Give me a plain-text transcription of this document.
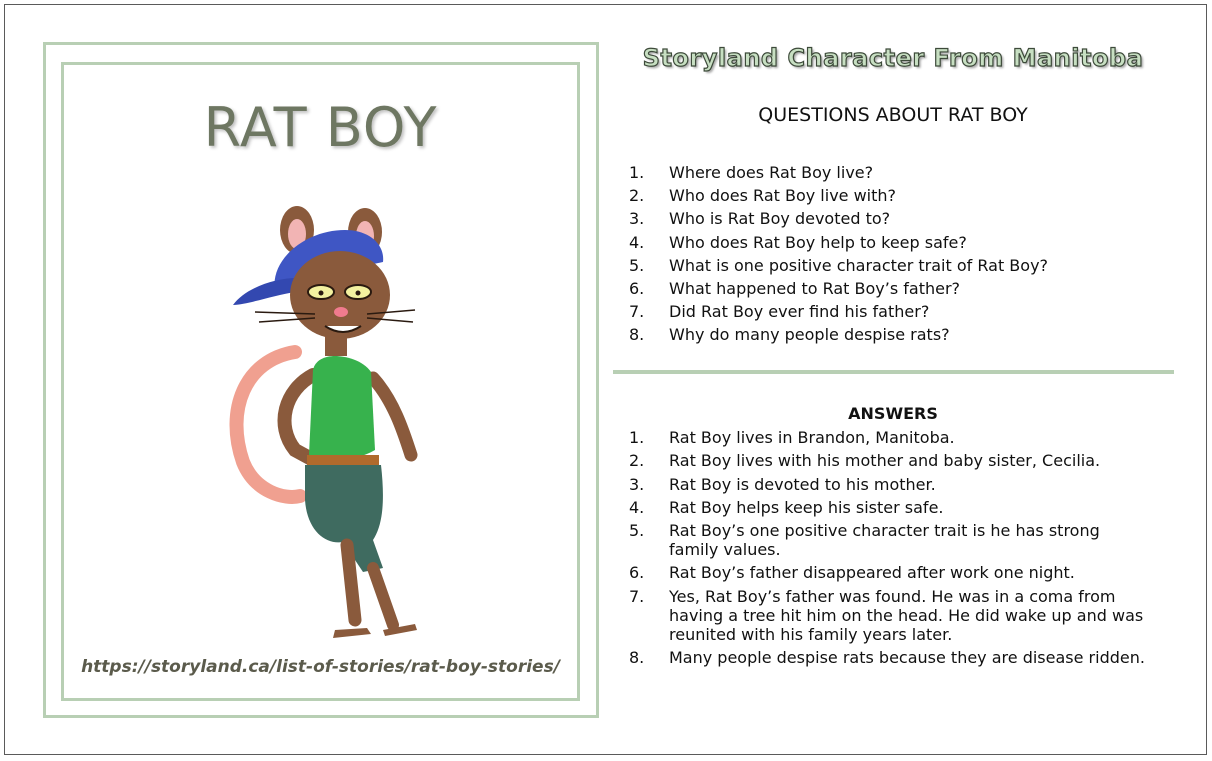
RAT BOY
https://storyland.ca/list-of-stories/rat-boy-stories/
Storyland Character From Manitoba
QUESTIONS ABOUT RAT BOY
1. Where does Rat Boy live?
2. Who does Rat Boy live with?
3. Who is Rat Boy devoted to?
4. Who does Rat Boy help to keep safe?
5. What is one positive character trait of Rat Boy?
6. What happened to Rat Boy’s father?
7. Did Rat Boy ever find his father?
8. Why do many people despise rats?
ANSWERS
1. Rat Boy lives in Brandon, Manitoba.
2. Rat Boy lives with his mother and baby sister, Cecilia.
3. Rat Boy is devoted to his mother.
4. Rat Boy helps keep his sister safe.
5. Rat Boy’s one positive character trait is he has strong family values.
6. Rat Boy’s father disappeared after work one night.
7. Yes, Rat Boy’s father was found. He was in a coma from having a tree hit him on the head. He did wake up and was reunited with his family years later.
8. Many people despise rats because they are disease ridden.
